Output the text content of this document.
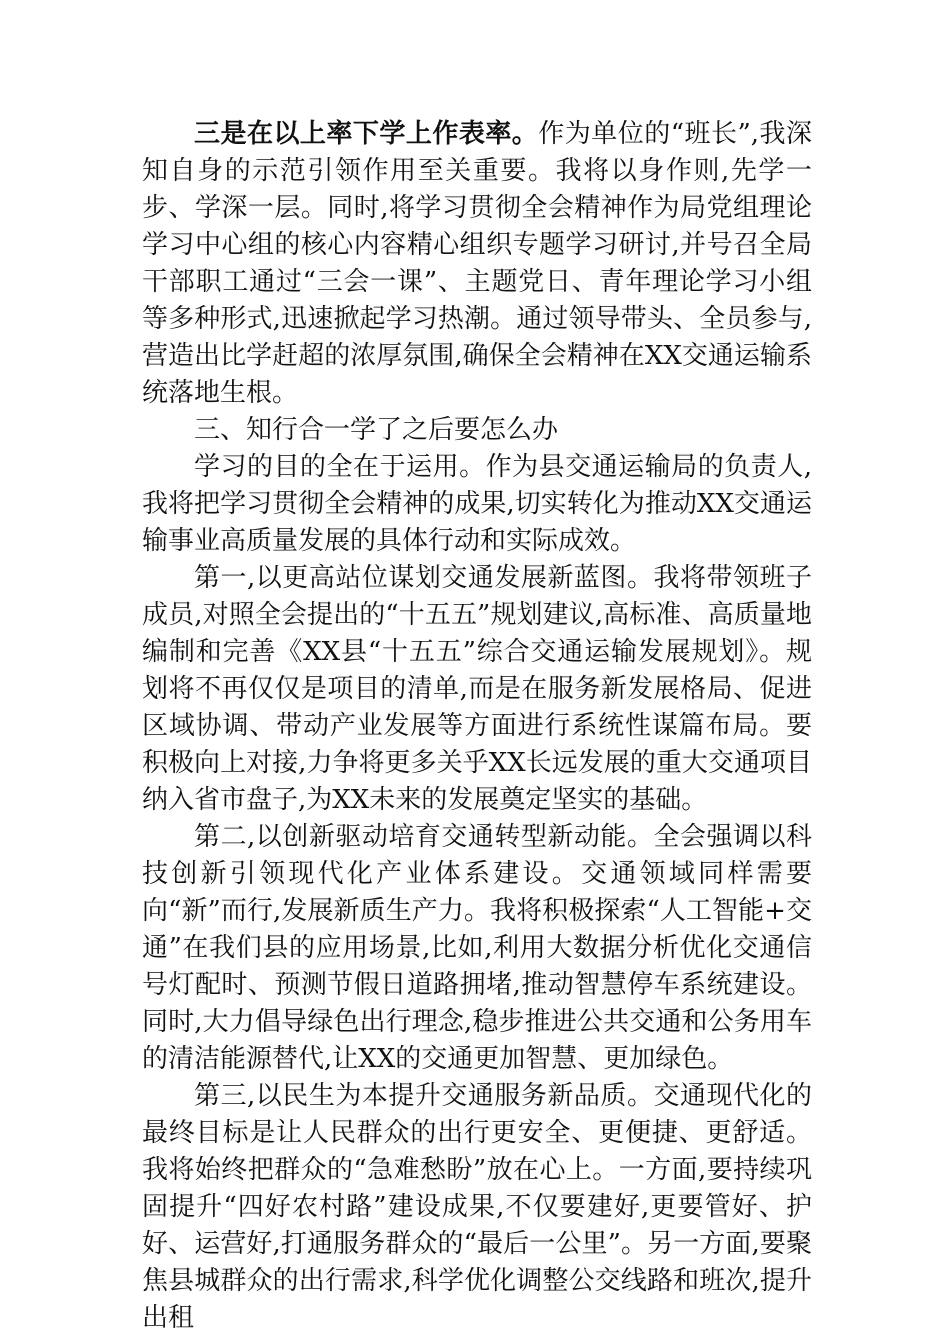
三是在以上率下学上作表率。作为单位的“班长”,我深知自身的示范引领作用至关重要。我将以身作则,先学一步、学深一层。同时,将学习贯彻全会精神作为局党组理论学习中心组的核心内容精心组织专题学习研讨,并号召全局干部职工通过“三会一课”、主题党日、青年理论学习小组等多种形式,迅速掀起学习热潮。通过领导带头、全员参与,营造出比学赶超的浓厚氛围,确保全会精神在XX交通运输系统落地生根。

三、知行合一学了之后要怎么办

学习的目的全在于运用。作为县交通运输局的负责人,我将把学习贯彻全会精神的成果,切实转化为推动XX交通运输事业高质量发展的具体行动和实际成效。

第一,以更高站位谋划交通发展新蓝图。我将带领班子成员,对照全会提出的“十五五”规划建议,高标准、高质量地编制和完善《XX县“十五五”综合交通运输发展规划》。规划将不再仅仅是项目的清单,而是在服务新发展格局、促进区域协调、带动产业发展等方面进行系统性谋篇布局。要积极向上对接,力争将更多关乎XX长远发展的重大交通项目纳入省市盘子,为XX未来的发展奠定坚实的基础。

第二,以创新驱动培育交通转型新动能。全会强调以科技创新引领现代化产业体系建设。交通领域同样需要向“新”而行,发展新质生产力。我将积极探索“人工智能+交通”在我们县的应用场景,比如,利用大数据分析优化交通信号灯配时、预测节假日道路拥堵,推动智慧停车系统建设。同时,大力倡导绿色出行理念,稳步推进公共交通和公务用车的清洁能源替代,让XX的交通更加智慧、更加绿色。

第三,以民生为本提升交通服务新品质。交通现代化的最终目标是让人民群众的出行更安全、更便捷、更舒适。我将始终把群众的“急难愁盼”放在心上。一方面,要持续巩固提升“四好农村路”建设成果,不仅要建好,更要管好、护好、运营好,打通服务群众的“最后一公里”。另一方面,要聚焦县城群众的出行需求,科学优化调整公交线路和班次,提升出租
